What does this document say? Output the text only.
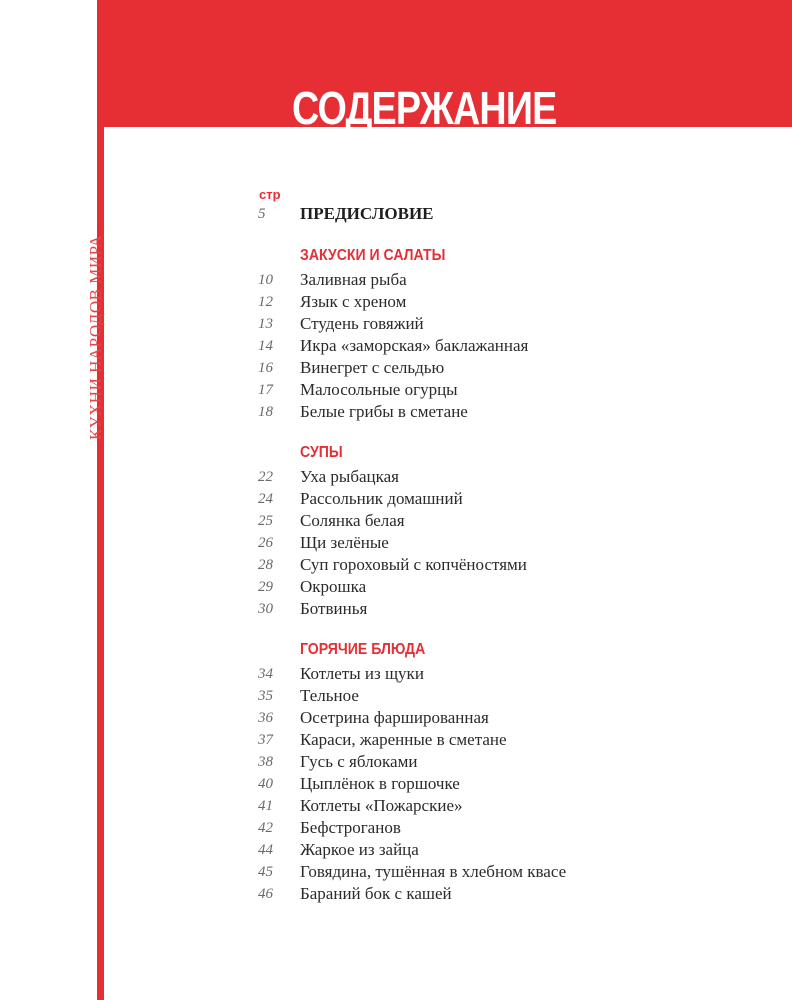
СОДЕРЖАНИЕ
КУХНИ НАРОДОВ МИРА
стр
5	ПРЕДИСЛОВИЕ
ЗАКУСКИ И САЛАТЫ
10	Заливная рыба
12	Язык с хреном
13	Студень говяжий
14	Икра «заморская» баклажанная
16	Винегрет с сельдью
17	Малосольные огурцы
18	Белые грибы в сметане
СУПЫ
22	Уха рыбацкая
24	Рассольник домашний
25	Солянка белая
26	Щи зелёные
28	Суп гороховый с копчёностями
29	Окрошка
30	Ботвинья
ГОРЯЧИЕ БЛЮДА
34	Котлеты из щуки
35	Тельное
36	Осетрина фаршированная
37	Караси, жаренные в сметане
38	Гусь с яблоками
40	Цыплёнок в горшочке
41	Котлеты «Пожарские»
42	Бефстроганов
44	Жаркое из зайца
45	Говядина, тушённая в хлебном квасе
46	Бараний бок с кашей
